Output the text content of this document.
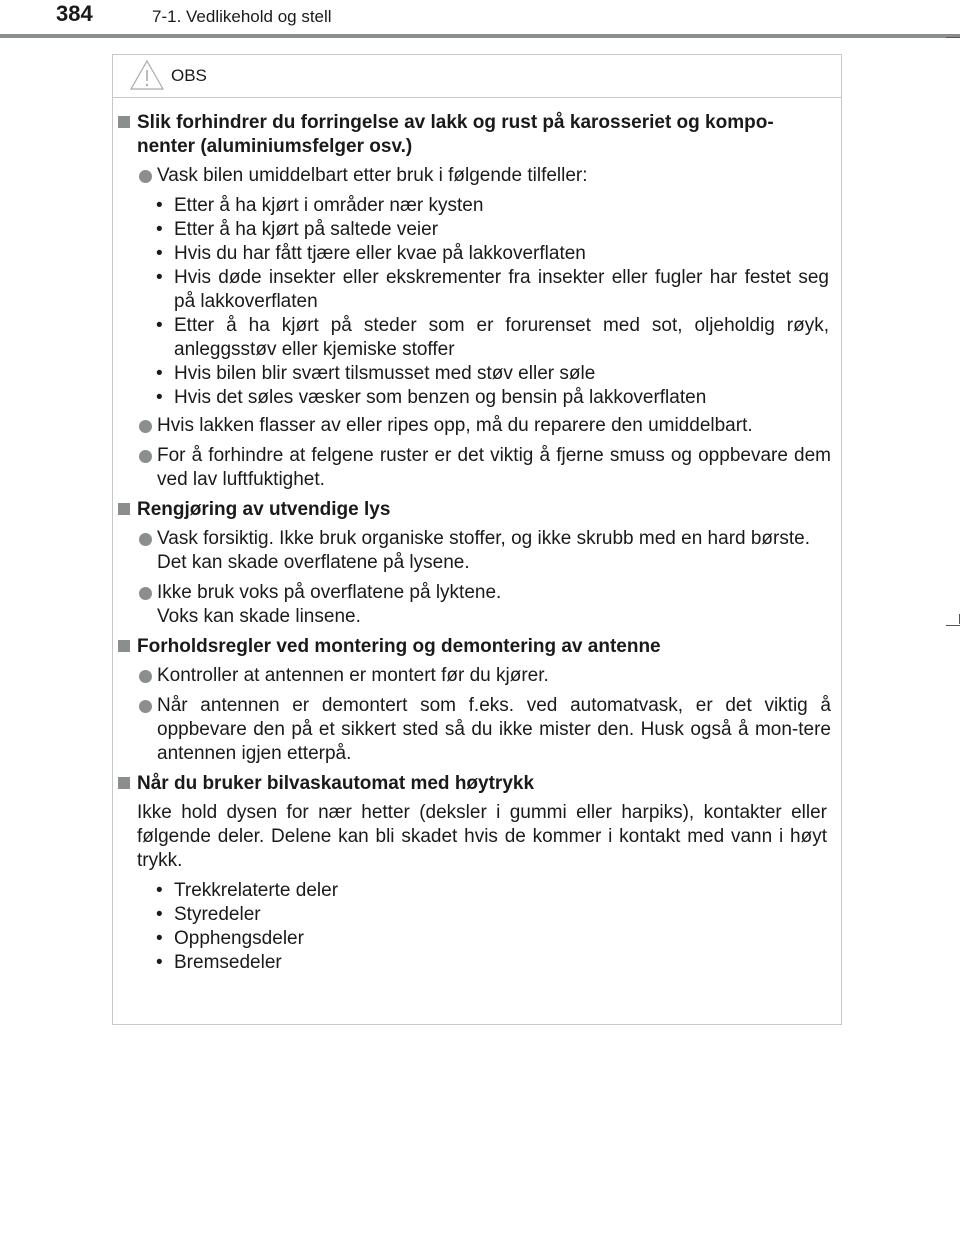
384	7-1. Vedlikehold og stell
OBS
Slik forhindrer du forringelse av lakk og rust på karosseriet og kompo-nenter (aluminiumsfelger osv.)
Vask bilen umiddelbart etter bruk i følgende tilfeller:
• Etter å ha kjørt i områder nær kysten
• Etter å ha kjørt på saltede veier
• Hvis du har fått tjære eller kvae på lakkoverflaten
• Hvis døde insekter eller ekskrementer fra insekter eller fugler har festet seg på lakkoverflaten
• Etter å ha kjørt på steder som er forurenset med sot, oljeholdig røyk, anleggsstøv eller kjemiske stoffer
• Hvis bilen blir svært tilsmusset med støv eller søle
• Hvis det søles væsker som benzen og bensin på lakkoverflaten
Hvis lakken flasser av eller ripes opp, må du reparere den umiddelbart.
For å forhindre at felgene ruster er det viktig å fjerne smuss og oppbevare dem ved lav luftfuktighet.
Rengjøring av utvendige lys
Vask forsiktig. Ikke bruk organiske stoffer, og ikke skrubb med en hard børste.
Det kan skade overflatene på lysene.
Ikke bruk voks på overflatene på lyktene.
Voks kan skade linsene.
Forholdsregler ved montering og demontering av antenne
Kontroller at antennen er montert før du kjører.
Når antennen er demontert som f.eks. ved automatvask, er det viktig å oppbevare den på et sikkert sted så du ikke mister den. Husk også å mon-tere antennen igjen etterpå.
Når du bruker bilvaskautomat med høytrykk
Ikke hold dysen for nær hetter (deksler i gummi eller harpiks), kontakter eller følgende deler. Delene kan bli skadet hvis de kommer i kontakt med vann i høyt trykk.
• Trekkrelaterte deler
• Styredeler
• Opphengsdeler
• Bremsedeler
